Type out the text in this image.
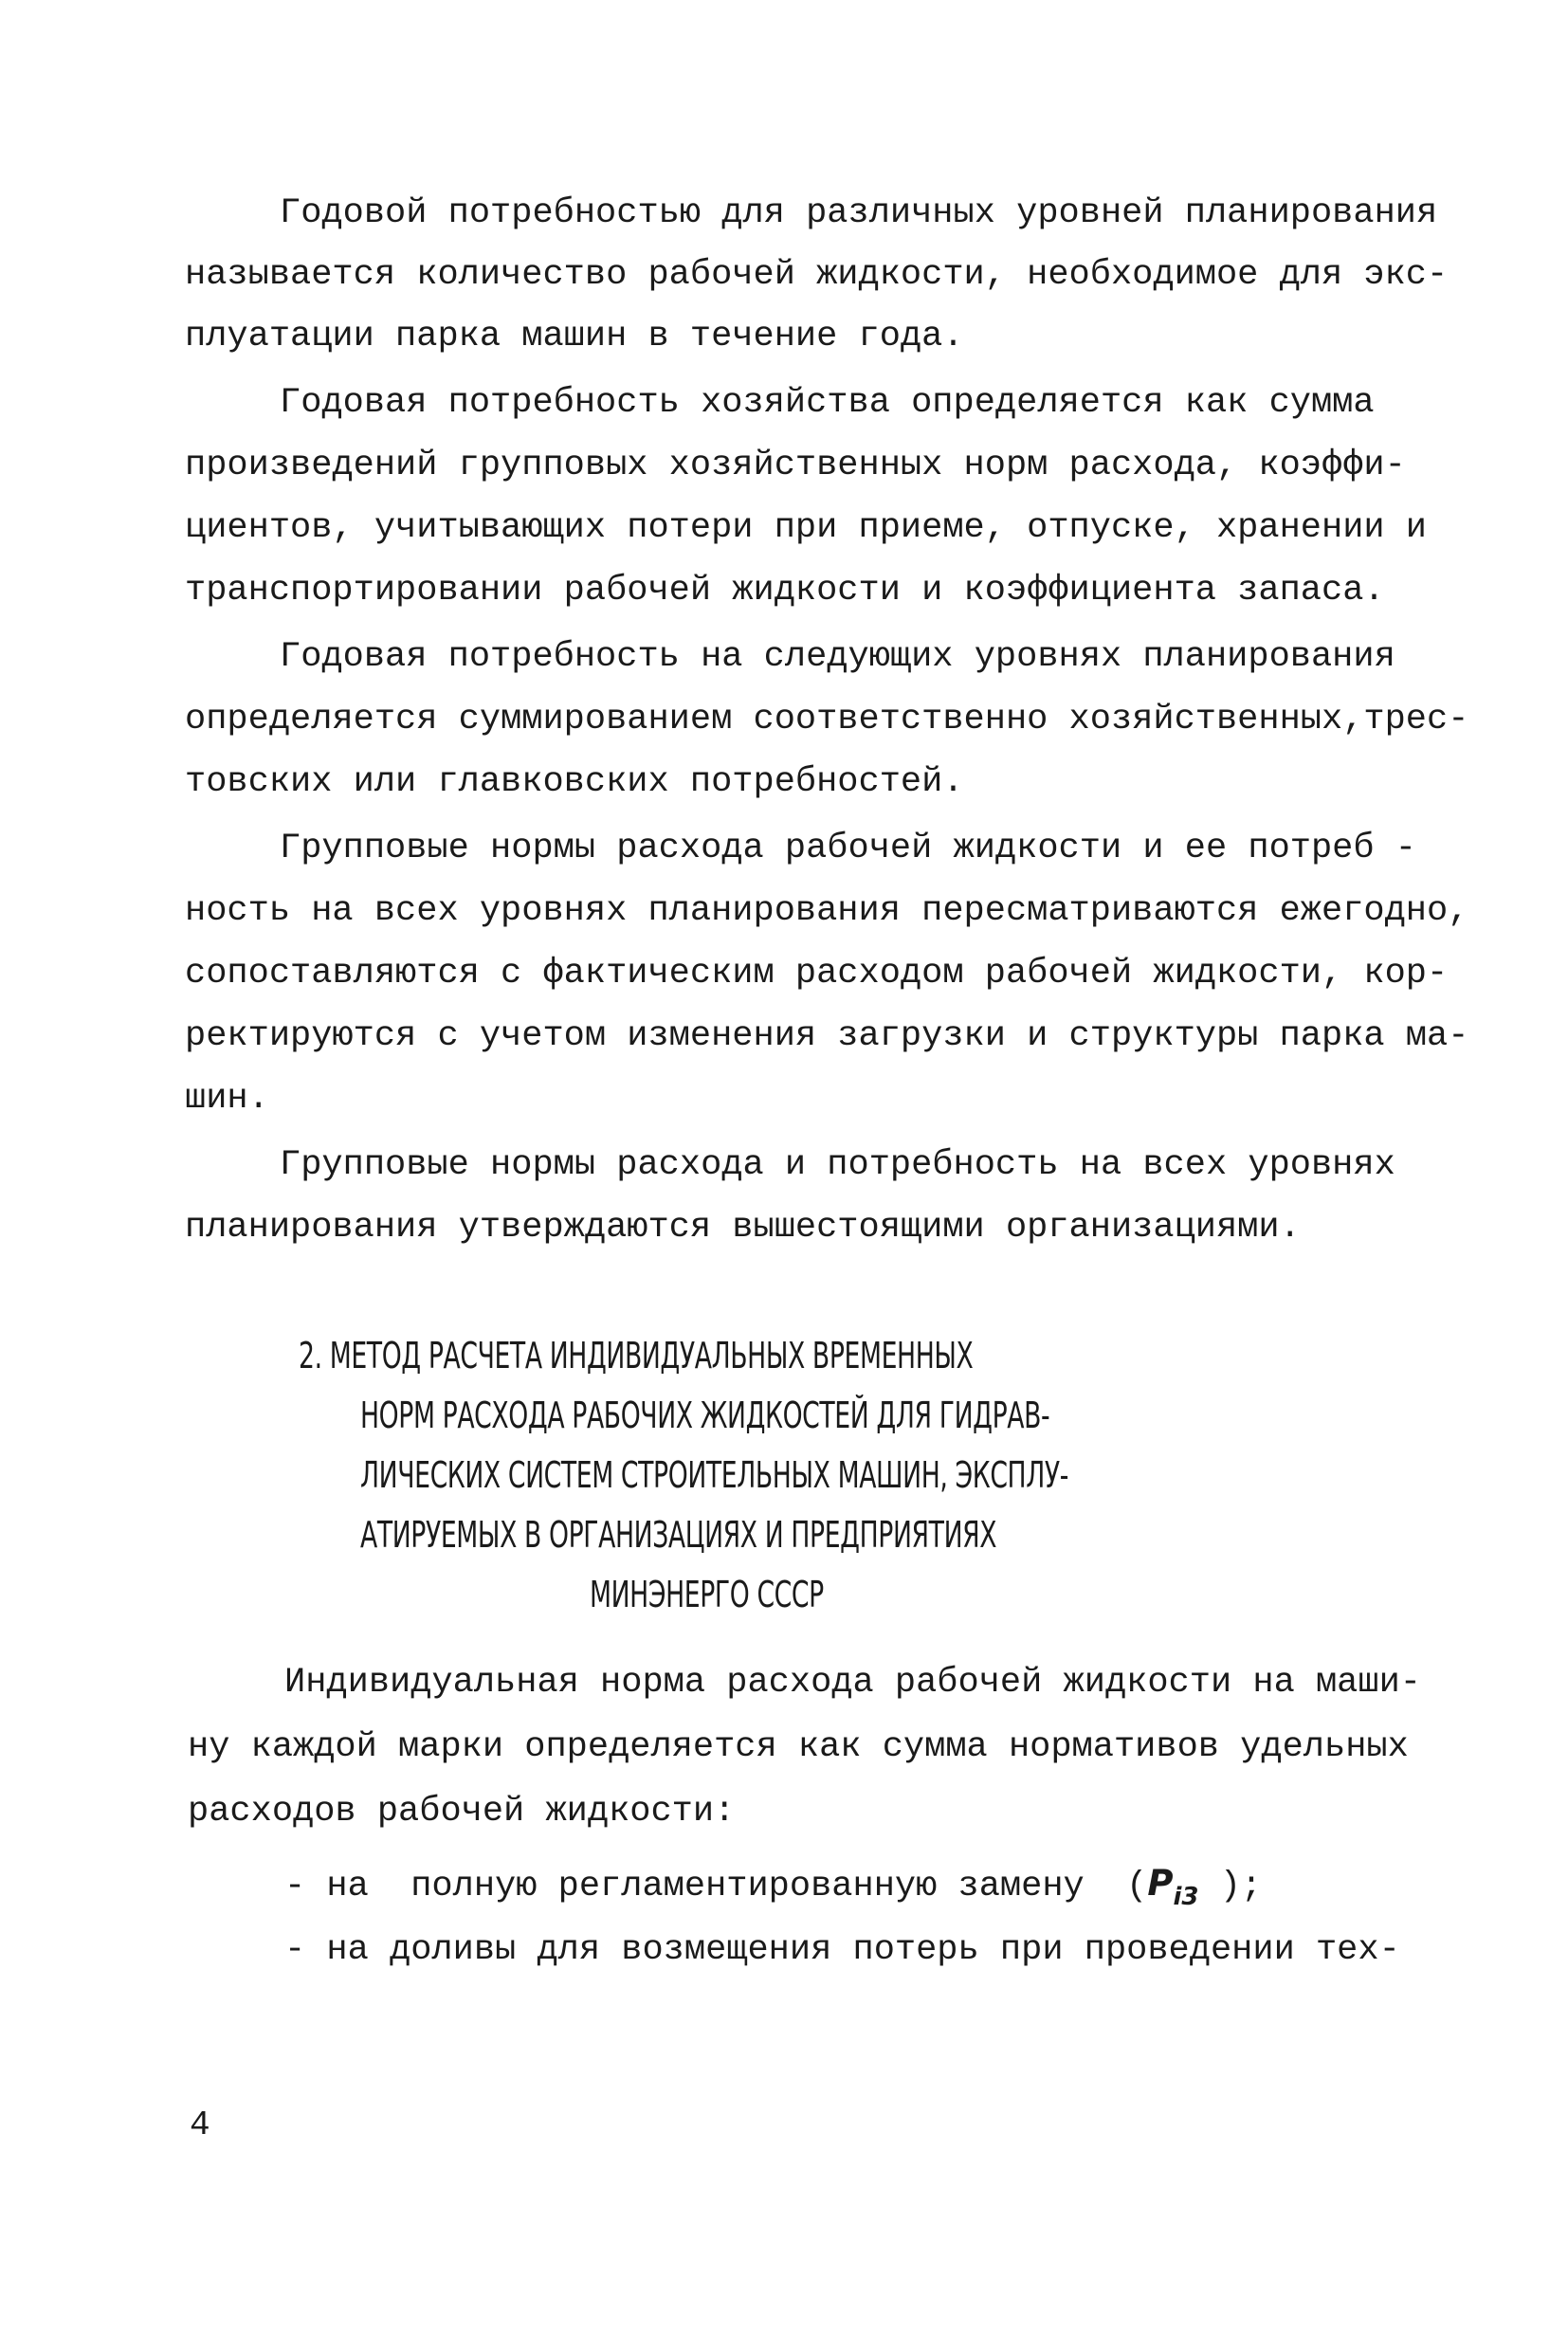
Годовой потребностью для различных уровней планирования
называется количество рабочей жидкости, необходимое для экс-
плуатации парка машин в течение года.
Годовая потребность хозяйства определяется как сумма
произведений групповых хозяйственных норм расхода, коэффи-
циентов, учитывающих потери при приеме, отпуске, хранении и
транспортировании рабочей жидкости и коэффициента запаса.
Годовая потребность на следующих уровнях планирования
определяется суммированием соответственно хозяйственных,трес-
товских или главковских потребностей.
Групповые нормы расхода рабочей жидкости и ее потреб -
ность на всех уровнях планирования пересматриваются ежегодно,
сопоставляются с фактическим расходом рабочей жидкости, кор-
ректируются с учетом изменения загрузки и структуры парка ма-
шин.
Групповые нормы расхода и потребность на всех уровнях
планирования утверждаются вышестоящими организациями.
2. МЕТОД РАСЧЕТА ИНДИВИДУАЛЬНЫХ ВРЕМЕННЫХ
НОРМ РАСХОДА РАБОЧИХ ЖИДКОСТЕЙ ДЛЯ ГИДРАВ-
ЛИЧЕСКИХ СИСТЕМ СТРОИТЕЛЬНЫХ МАШИН, ЭКСПЛУ-
АТИРУЕМЫХ В ОРГАНИЗАЦИЯХ И ПРЕДПРИЯТИЯХ
МИНЭНЕРГО СССР
Индивидуальная норма расхода рабочей жидкости на маши-
ну каждой марки определяется как сумма нормативов удельных
расходов рабочей жидкости:
- на  полную регламентированную замену  ($P_{i3}$ );
- на доливы для возмещения потерь при проведении тех-
4
